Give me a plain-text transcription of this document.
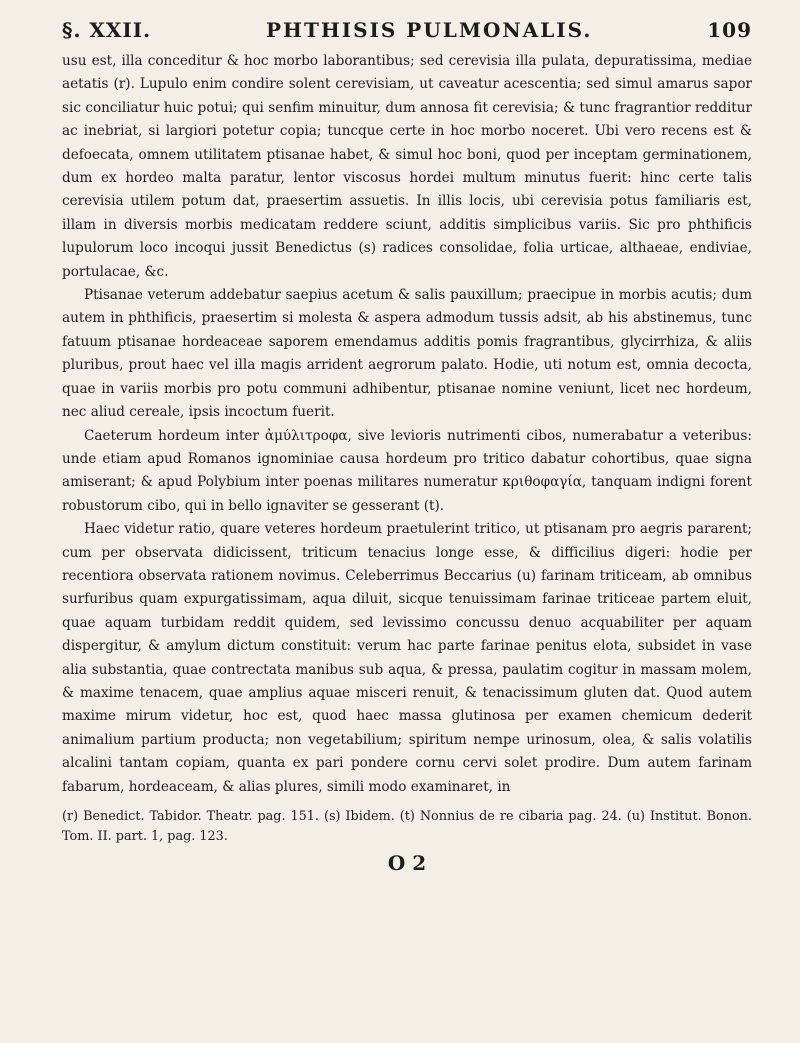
§. XXII.	PHTHISIS PULMONALIS.	109

usu est, illa conceditur & hoc morbo laborantibus; sed cerevisia illa pulata, depuratissima, mediae aetatis (r). Lupulo enim condire solent cerevisiam, ut caveatur acescentia; sed simul amarus sapor sic conciliatur huic potui; qui senfim minuitur, dum annosa fit cerevisia; & tunc fragrantior redditur ac inebriat, si largiori potetur copia; tuncque certe in hoc morbo noceret. Ubi vero recens est & defoecata, omnem utilitatem ptisanae habet, & simul hoc boni, quod per inceptam germinationem, dum ex hordeo malta paratur, lentor viscosus hordei multum minutus fuerit: hinc certe talis cerevisia utilem potum dat, praesertim assuetis. In illis locis, ubi cerevisia potus familiaris est, illam in diversis morbis medicatam reddere sciunt, additis simplicibus variis. Sic pro phthificis lupulorum loco incoqui jussit Benedictus (s) radices consolidae, folia urticae, althaeae, endiviae, portulacae, &c.

Ptisanae veterum addebatur saepius acetum & salis pauxillum; praecipue in morbis acutis; dum autem in phthificis, praesertim si molesta & aspera admodum tussis adsit, ab his abstinemus, tunc fatuum ptisanae hordeaceae saporem emendamus additis pomis fragrantibus, glycirrhiza, & aliis pluribus, prout haec vel illa magis arrident aegrorum palato. Hodie, uti notum est, omnia decocta, quae in variis morbis pro potu communi adhibentur, ptisanae nomine veniunt, licet nec hordeum, nec aliud cereale, ipsis incoctum fuerit.

Caeterum hordeum inter ἀμύλιτροφα, sive levioris nutrimenti cibos, numerabatur a veteribus: unde etiam apud Romanos ignominiae causa hordeum pro tritico dabatur cohortibus, quae signa amiserant; & apud Polybium inter poenas militares numeratur κριθοφαγία, tanquam indigni forent robustorum cibo, qui in bello ignaviter se gesserant (t).

Haec videtur ratio, quare veteres hordeum praetulerint tritico, ut ptisanam pro aegris pararent; cum per observata didicissent, triticum tenacius longe esse, & difficilius digeri: hodie per recentiora observata rationem novimus. Celeberrimus Beccarius (u) farinam triticeam, ab omnibus surfuribus quam expurgatissimam, aqua diluit, sicque tenuissimam farinae triticeae partem eluit, quae aquam turbidam reddit quidem, sed levissimo concussu denuo acquabiliter per aquam dispergitur, & amylum dictum constituit: verum hac parte farinae penitus elota, subsidet in vase alia substantia, quae contrectata manibus sub aqua, & pressa, paulatim cogitur in massam molem, & maxime tenacem, quae amplius aquae misceri renuit, & tenacissimum gluten dat. Quod autem maxime mirum videtur, hoc est, quod haec massa glutinosa per examen chemicum dederit animalium partium producta; non vegetabilium; spiritum nempe urinosum, olea, & salis volatilis alcalini tantam copiam, quanta ex pari pondere cornu cervi solet prodire. Dum autem farinam fabarum, hordeaceam, & alias plures, simili modo examinaret, in

(r) Benedict. Tabidor. Theatr. pag. 151. (s) Ibidem. (t) Nonnius de re cibaria pag. 24. (u) Institut. Bonon. Tom. II. part. 1, pag. 123.

O 2
